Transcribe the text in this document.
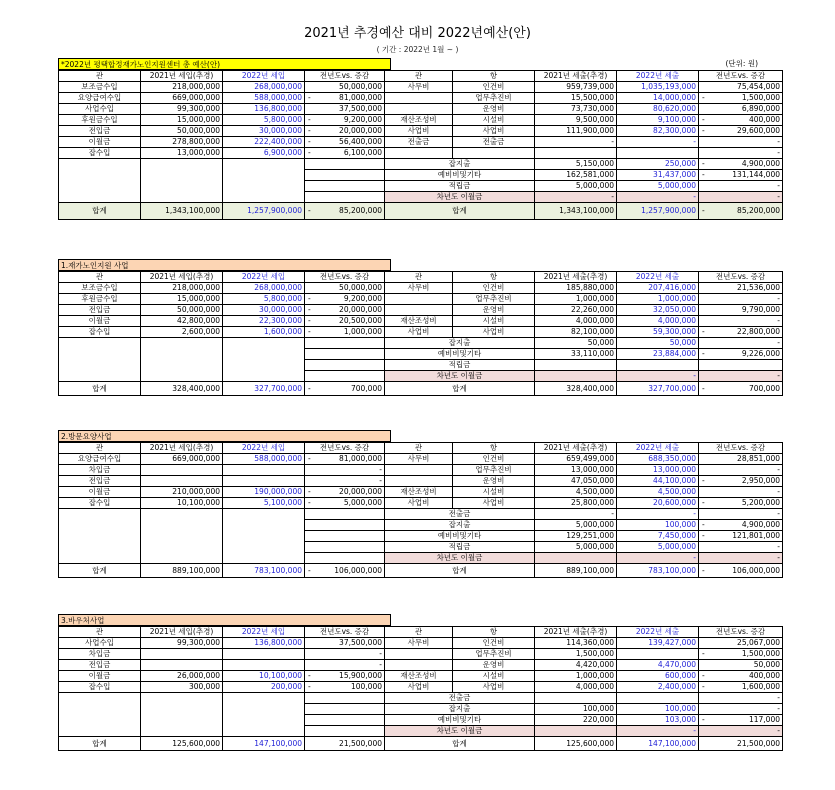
2021년 추경예산 대비 2022년예산(안)
( 기간 : 2022년 1월 ~ )
*2022년 평택합정재가노인지원센터 총 예산(안)	(단위: 원)
관	2021년 세입(추경)	2022년 세입	전년도vs. 증감	관	항	2021년 세출(추경)	2022년 세출	전년도vs. 증감
보조금수입	218,000,000	268,000,000	50,000,000	사무비	인건비	959,739,000	1,035,193,000	75,454,000
요양급여수입	669,000,000	588,000,000	- 81,000,000		업무추진비	15,500,000	14,000,000	- 1,500,000
사업수입	99,300,000	136,800,000	37,500,000		운영비	73,730,000	80,620,000	6,890,000
후원금수입	15,000,000	5,800,000	- 9,200,000	재산조성비	시설비	9,500,000	9,100,000	- 400,000
전입금	50,000,000	30,000,000	- 20,000,000	사업비	사업비	111,900,000	82,300,000	- 29,600,000
이월금	278,800,000	222,400,000	- 56,400,000	전출금	전출금	-	-	-
잡수입	13,000,000	6,900,000	- 6,100,000					-
				잡지출		5,150,000	250,000	- 4,900,000
				예비비및기타		162,581,000	31,437,000	- 131,144,000
				적립금		5,000,000	5,000,000	-
				차년도 이월금		-	-	-
합계	1,343,100,000	1,257,900,000	- 85,200,000	합계		1,343,100,000	1,257,900,000	- 85,200,000
1.재가노인지원 사업
관	2021년 세입(추경)	2022년 세입	전년도vs. 증감	관	항	2021년 세출(추경)	2022년 세출	전년도vs. 증감
보조금수입	218,000,000	268,000,000	50,000,000	사무비	인건비	185,880,000	207,416,000	21,536,000
후원금수입	15,000,000	5,800,000	- 9,200,000		업무추진비	1,000,000	1,000,000	-
전입금	50,000,000	30,000,000	- 20,000,000		운영비	22,260,000	32,050,000	9,790,000
이월금	42,800,000	22,300,000	- 20,500,000	재산조성비	시설비	4,000,000	4,000,000	-
잡수입	2,600,000	1,600,000	- 1,000,000	사업비	사업비	82,100,000	59,300,000	- 22,800,000
				잡지출		50,000	50,000	-
				예비비및기타		33,110,000	23,884,000	- 9,226,000
				적립금				
				차년도 이월금			-	-
합계	328,400,000	327,700,000	- 700,000	합계		328,400,000	327,700,000	- 700,000
2.방문요양사업
관	2021년 세입(추경)	2022년 세입	전년도vs. 증감	관	항	2021년 세출(추경)	2022년 세출	전년도vs. 증감
요양급여수입	669,000,000	588,000,000	- 81,000,000	사무비	인건비	659,499,000	688,350,000	28,851,000
차입금			-		업무추진비	13,000,000	13,000,000	-
전입금			-		운영비	47,050,000	44,100,000	- 2,950,000
이월금	210,000,000	190,000,000	- 20,000,000	재산조성비	시설비	4,500,000	4,500,000	-
잡수입	10,100,000	5,100,000	- 5,000,000	사업비	사업비	25,800,000	20,600,000	- 5,200,000
				전출금		-	-	-
				잡지출		5,000,000	100,000	- 4,900,000
				예비비및기타		129,251,000	7,450,000	- 121,801,000
				적립금		5,000,000	5,000,000	-
				차년도 이월금			-	-
합계	889,100,000	783,100,000	- 106,000,000	합계		889,100,000	783,100,000	- 106,000,000
3.바우처사업
관	2021년 세입(추경)	2022년 세입	전년도vs. 증감	관	항	2021년 세출(추경)	2022년 세출	전년도vs. 증감
사업수입	99,300,000	136,800,000	37,500,000	사무비	인건비	114,360,000	139,427,000	25,067,000
차입금			-		업무추진비	1,500,000		- 1,500,000
전입금			-		운영비	4,420,000	4,470,000	50,000
이월금	26,000,000	10,100,000	- 15,900,000	재산조성비	시설비	1,000,000	600,000	- 400,000
잡수입	300,000	200,000	- 100,000	사업비	사업비	4,000,000	2,400,000	- 1,600,000
				전출금				-
				잡지출		100,000	100,000	-
				예비비및기타		220,000	103,000	- 117,000
				차년도 이월금			-	-
합계	125,600,000	147,100,000	21,500,000	합계		125,600,000	147,100,000	21,500,000
